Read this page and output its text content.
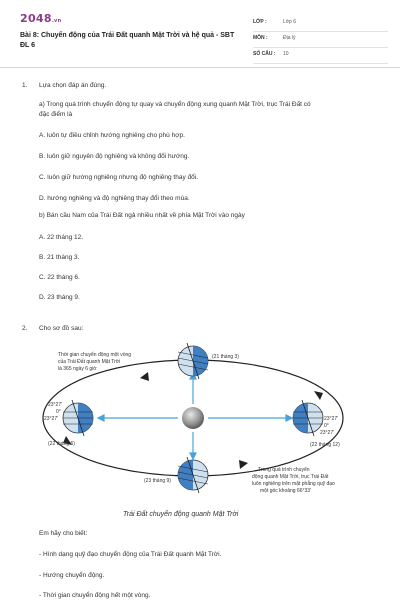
2048.vn
Bài 8: Chuyển động của Trái Đất quanh Mặt Trời và hệ quả - SBT ĐL 6
LỚP :	Lớp 6
MÔN :	Địa lý
SỐ CÂU : 10
1. Lựa chọn đáp án đúng.
a) Trong quá trình chuyển động tự quay và chuyển động xung quanh Mặt Trời, trục Trái Đất có
đặc điểm là
A. luôn tự điều chỉnh hướng nghiêng cho phù hợp.
B. luôn giữ nguyên độ nghiêng và không đổi hướng.
C. luôn giữ hướng nghiêng nhưng độ nghiêng thay đổi.
D. hướng nghiêng và độ nghiêng thay đổi theo mùa.
b) Bán cầu Nam của Trái Đất ngả nhiều nhất về phía Mặt Trời vào ngày
A. 22 tháng 12.
B. 21 tháng 3.
C. 22 tháng 6.
D. 23 tháng 9.
2. Cho sơ đồ sau:
Em hãy cho biết:
- Hình dạng quỹ đạo chuyển động của Trái Đất quanh Mặt Trời.
- Hướng chuyển động.
- Thời gian chuyển động hết một vòng.
Thời gian chuyển động một vòng
của Trái Đất quanh Mặt Trời
là 365 ngày 6 giờ
(21 tháng 3)
(22 tháng 6)	(22 tháng 12)
(23 tháng 9)
23°27'
0°
23°27'	23°27'
0°
23°27'
Trong quá trình chuyển
động quanh Mặt Trời, trục Trái Đất
luôn nghiêng trên mặt phẳng quỹ đạo
một góc khoảng 66°33'
Trái Đất chuyển động quanh Mặt Trời
